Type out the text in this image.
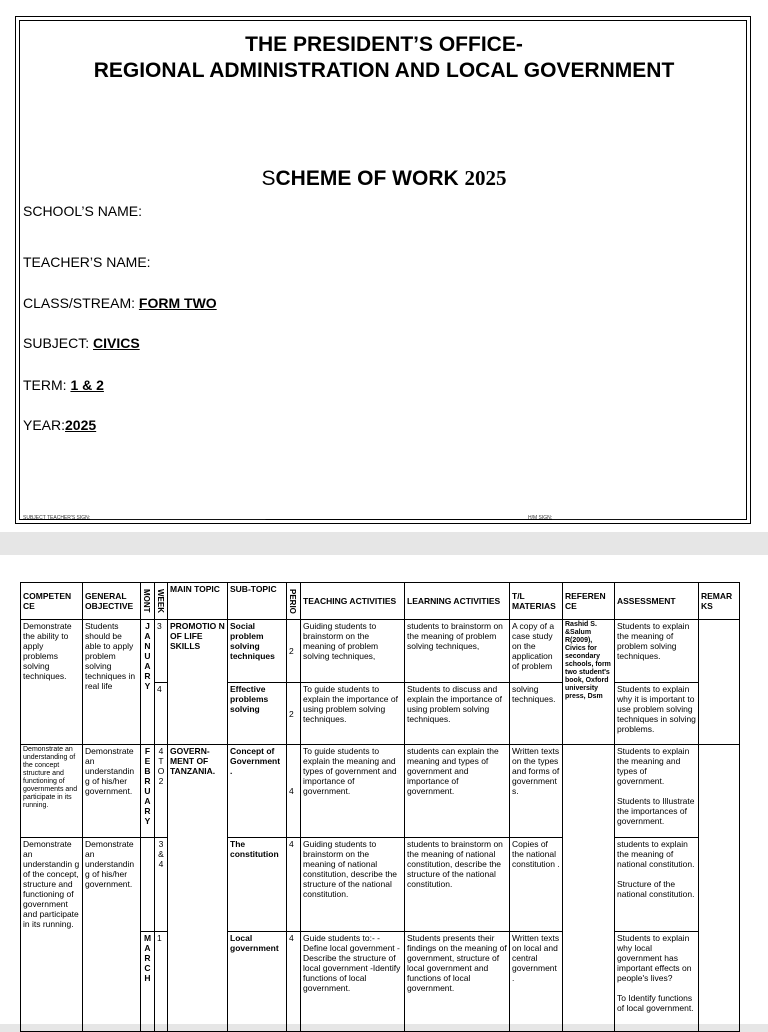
THE PRESIDENT’S OFFICE-
REGIONAL ADMINISTRATION AND LOCAL GOVERNMENT
SCHEME OF WORK 2025
SCHOOL’S NAME:
TEACHER’S NAME:
CLASS/STREAM: FORM TWO
SUBJECT: CIVICS
TERM: 1 & 2
YEAR:2025
SUBJECT TEACHER'S SIGN:_______________________________________________________________	H/M SIGN:______________________________________________
COMPETEN CE	GENERAL OBJECTIVE	MONT	WEEK	MAIN TOPIC	SUB-TOPIC	PERIO	TEACHING ACTIVITIES	LEARNING ACTIVITIES	T/L MATERIAS	REFEREN CE	ASSESSMENT	REMAR KS
Demonstrate the ability to apply problems solving techniques.	Students should be able to apply problem solving techniques in real life	J A N U A R Y	3	PROMOTIO N OF LIFE SKILLS	Social problem solving techniques	2	Guiding students to brainstorm on the meaning of problem solving techniques,	students to brainstorm on the meaning of problem solving techniques,	A copy of a case study on the application of problem	Rashid S. &Salum R(2009), Civics for secondary schools, form two student's book, Oxford university press, Dsm	Students to explain the meaning of problem solving techniques.	
			4		Effective problems solving	2	To guide students to explain the importance of using problem solving techniques.	Students to discuss and explain the importance of using problem solving techniques.	solving techniques.		Students to explain why it is important to use problem solving techniques in solving problems.	
Demonstrate an understanding of the concept structure and functioning of governments and participate in its running.	Demonstrate an understandin g of his/her government.	F E B R U A R Y	4 T O 2	GOVERN- MENT OF TANZANIA.	Concept of Government .	4	To guide students to explain the meaning and types of government and importance of government.	students can explain the meaning and types of government and importance of government.	Written texts on the types and forms of government s.		Students to explain the meaning and types of government.
Students to Illustrate the importances of government.	

Demonstrate an understandin g of the concept, structure and functioning of government and participate in its running.	Demonstrate an understandin g of his/her government.		3 & 4		The constitution	4	Guiding students to brainstorm on the meaning of national constitution, describe the structure of the national constitution.	students to brainstorm on the meaning of national constitution, describe the structure of the national constitution.	Copies of the national constitution .		students to explain the meaning of national constitution.
Structure of the national constitution.	

		M A R C H	1		Local government	4	Guide students to:- -Define local government -Describe the structure of local government -Identify functions of local government.	Students presents their findings on the meaning of government, structure of local government and functions of local government.	Written texts on local and central government .		Students to explain why local government has important effects on people's lives?
To Identify functions of local government.	
